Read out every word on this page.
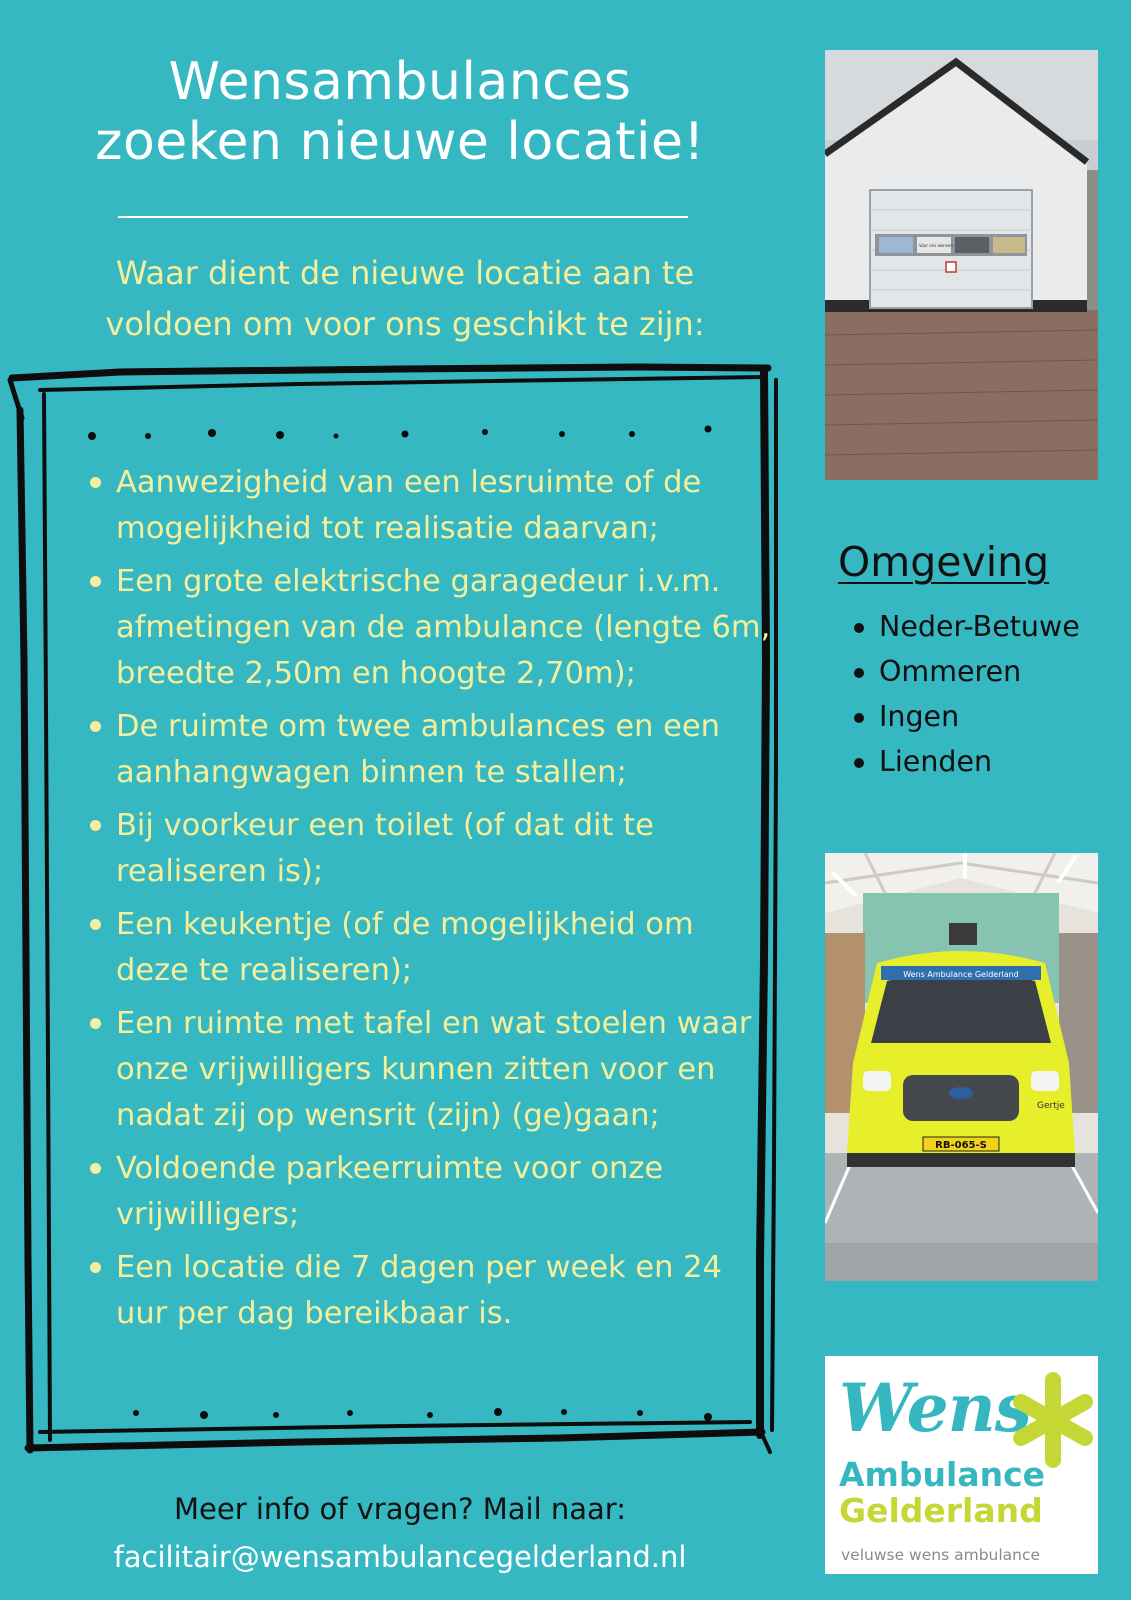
Wensambulances
zoeken nieuwe locatie!
Waar dient de nieuwe locatie aan te
voldoen om voor ons geschikt te zijn:
Aanwezigheid van een lesruimte of de mogelijkheid tot realisatie daarvan;
Een grote elektrische garagedeur i.v.m. afmetingen van de ambulance (lengte 6m, breedte 2,50m en hoogte 2,70m);
De ruimte om twee ambulances en een aanhangwagen binnen te stallen;
Bij voorkeur een toilet (of dat dit te realiseren is);
Een keukentje (of de mogelijkheid om deze te realiseren);
Een ruimte met tafel en wat stoelen waar onze vrijwilligers kunnen zitten voor en nadat zij op wensrit (zijn) (ge)gaan;
Voldoende parkeerruimte voor onze vrijwilligers;
Een locatie die 7 dagen per week en 24 uur per dag bereikbaar is.
Meer info of vragen? Mail naar:
facilitair@wensambulancegelderland.nl
Voor ons wensen
Omgeving
Neder-Betuwe
Ommeren
Ingen
Lienden
Wens Ambulance Gelderland
RB-065-S
Gertje
Wens
Ambulance
Gelderland
veluwse wens ambulance
